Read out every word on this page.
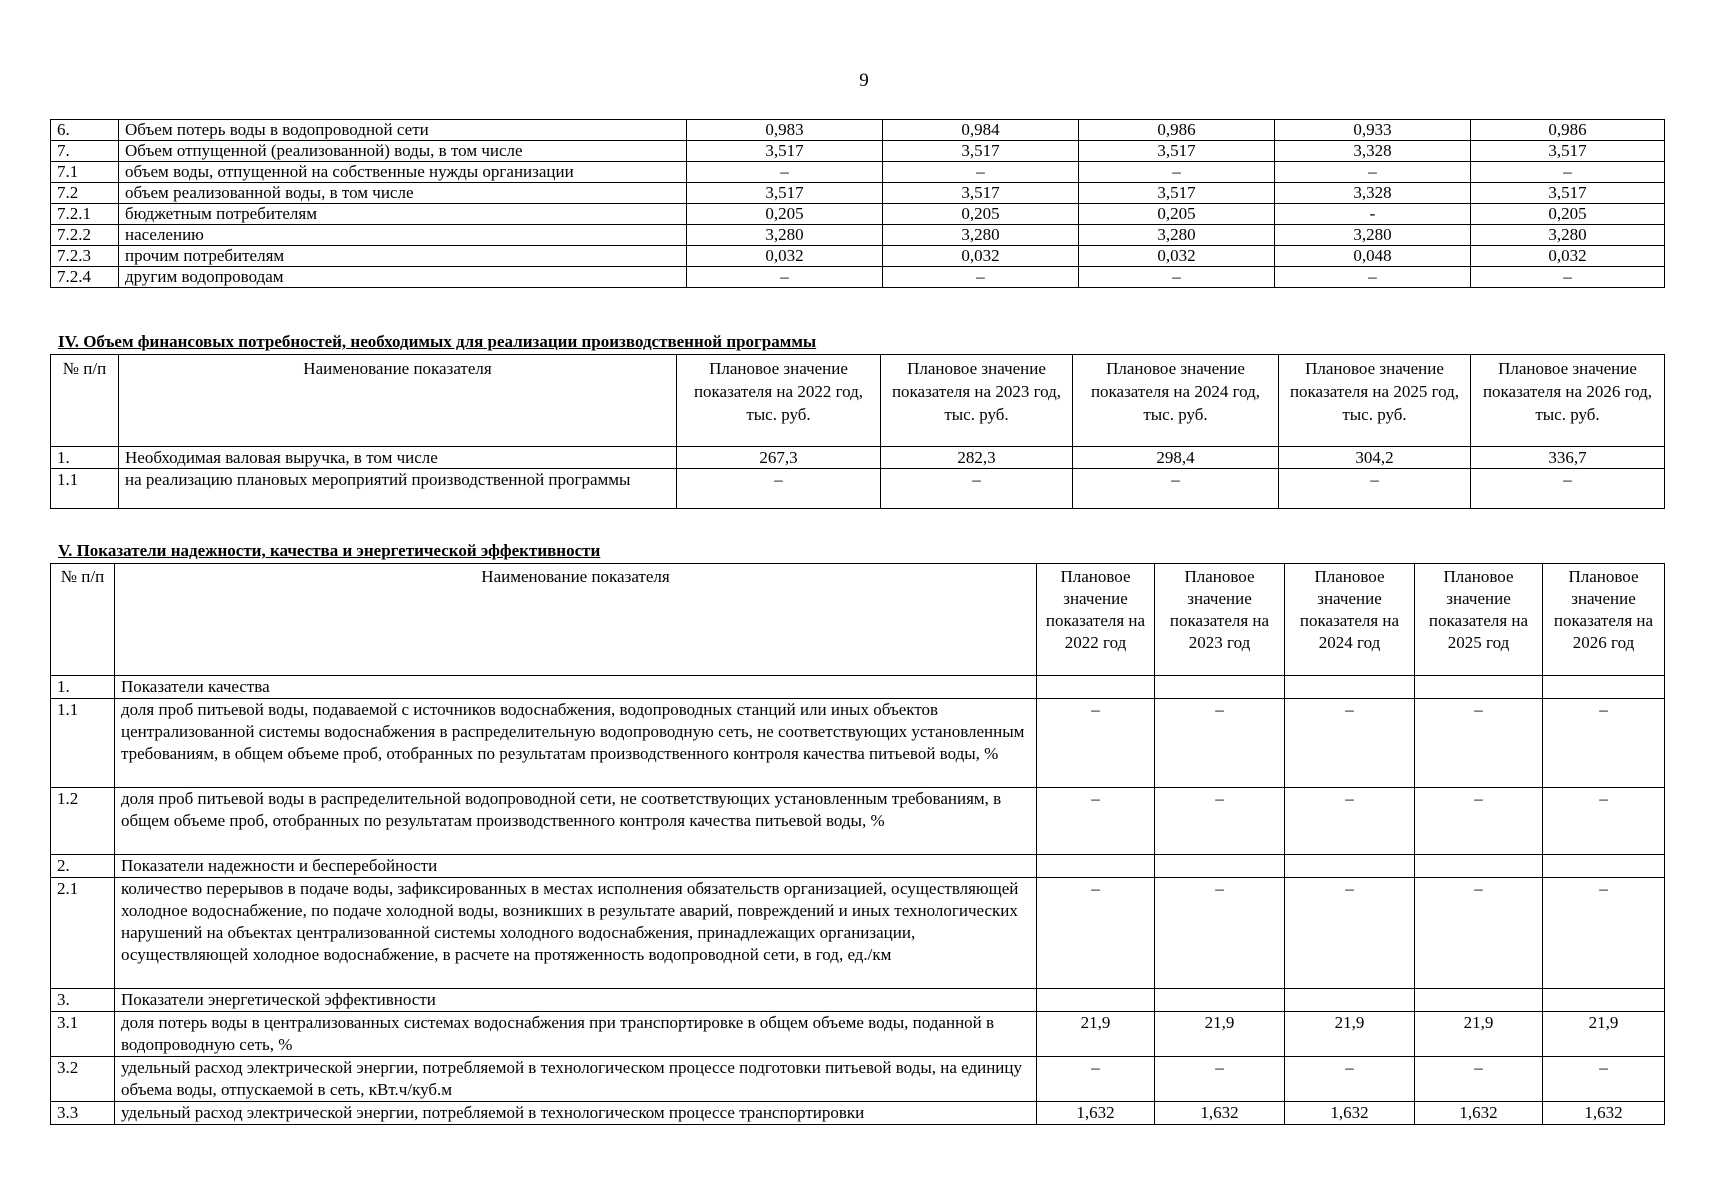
9
6.	Объем потерь воды в водопроводной сети	0,983	0,984	0,986	0,933	0,986
7.	Объем отпущенной (реализованной) воды, в том числе	3,517	3,517	3,517	3,328	3,517
7.1	объем воды, отпущенной на собственные нужды организации	–	–	–	–	–
7.2	объем реализованной воды, в том числе	3,517	3,517	3,517	3,328	3,517
7.2.1	бюджетным потребителям	0,205	0,205	0,205	-	0,205
7.2.2	населению	3,280	3,280	3,280	3,280	3,280
7.2.3	прочим потребителям	0,032	0,032	0,032	0,048	0,032
7.2.4	другим водопроводам	–	–	–	–	–
IV. Объем финансовых потребностей, необходимых для реализации производственной программы
№ п/п	Наименование показателя	Плановое значение показателя на 2022 год, тыс. руб.	Плановое значение показателя на 2023 год, тыс. руб.	Плановое значение показателя на 2024 год, тыс. руб.	Плановое значение показателя на 2025 год, тыс. руб.	Плановое значение показателя на 2026 год, тыс. руб.
1.	Необходимая валовая выручка, в том числе	267,3	282,3	298,4	304,2	336,7
1.1	на реализацию плановых мероприятий производственной программы	–	–	–	–	–
V. Показатели надежности, качества и энергетической эффективности
№ п/п	Наименование показателя	Плановое значение показателя на 2022 год	Плановое значение показателя на 2023 год	Плановое значение показателя на 2024 год	Плановое значение показателя на 2025 год	Плановое значение показателя на 2026 год
1.	Показатели качества					
1.1	доля проб питьевой воды, подаваемой с источников водоснабжения, водопроводных станций или иных объектов централизованной системы водоснабжения в распределительную водопроводную сеть, не соответствующих установленным требованиям, в общем объеме проб, отобранных по результатам производственного контроля качества питьевой воды, %	–	–	–	–	–
1.2	доля проб питьевой воды в распределительной водопроводной сети, не соответствующих установленным требованиям, в общем объеме проб, отобранных по результатам производственного контроля качества питьевой воды, %	–	–	–	–	–
2.	Показатели надежности и бесперебойности					
2.1	количество перерывов в подаче воды, зафиксированных в местах исполнения обязательств организацией, осуществляющей холодное водоснабжение, по подаче холодной воды, возникших в результате аварий, повреждений и иных технологических нарушений на объектах централизованной системы холодного водоснабжения, принадлежащих организации, осуществляющей холодное водоснабжение, в расчете на протяженность водопроводной сети, в год, ед./км	–	–	–	–	–
3.	Показатели энергетической эффективности					
3.1	доля потерь воды в централизованных системах водоснабжения при транспортировке в общем объеме воды, поданной в водопроводную сеть, %	21,9	21,9	21,9	21,9	21,9
3.2	удельный расход электрической энергии, потребляемой в технологическом процессе подготовки питьевой воды, на единицу объема воды, отпускаемой в сеть, кВт.ч/куб.м	–	–	–	–	–
3.3	удельный расход электрической энергии, потребляемой в технологическом процессе транспортировки	1,632	1,632	1,632	1,632	1,632
